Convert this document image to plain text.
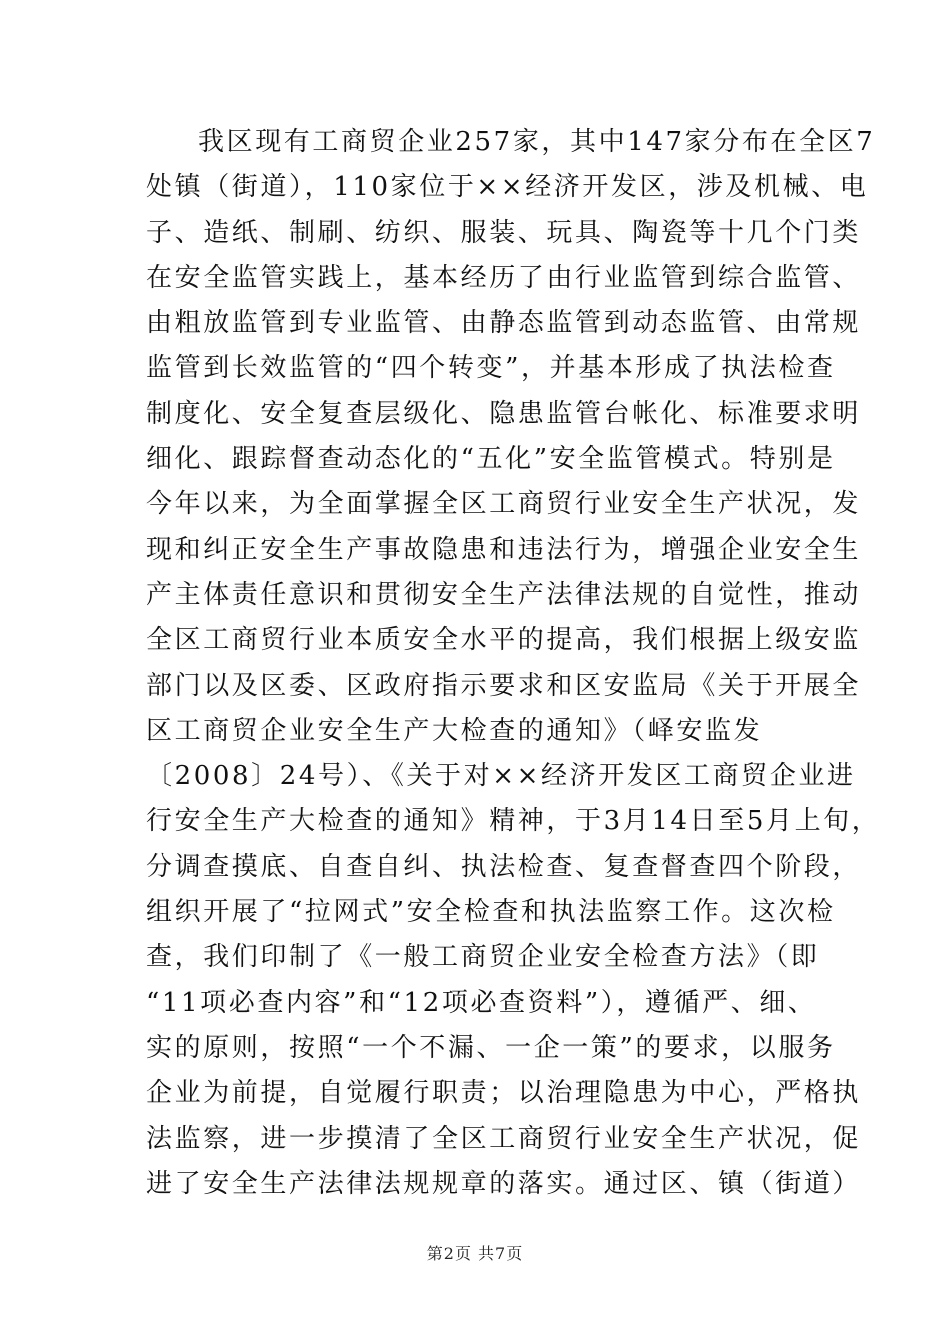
我区现有工商贸企业257家，其中147家分布在全区7
处镇（街道），110家位于××经济开发区，涉及机械、电
子、造纸、制刷、纺织、服装、玩具、陶瓷等十几个门类
在安全监管实践上，基本经历了由行业监管到综合监管、
由粗放监管到专业监管、由静态监管到动态监管、由常规
监管到长效监管的“四个转变”，并基本形成了执法检查
制度化、安全复查层级化、隐患监管台帐化、标准要求明
细化、跟踪督查动态化的“五化”安全监管模式。特别是
今年以来，为全面掌握全区工商贸行业安全生产状况，发
现和纠正安全生产事故隐患和违法行为，增强企业安全生
产主体责任意识和贯彻安全生产法律法规的自觉性，推动
全区工商贸行业本质安全水平的提高，我们根据上级安监
部门以及区委、区政府指示要求和区安监局《关于开展全
区工商贸企业安全生产大检查的通知》（峄安监发
〔2008〕24号）、《关于对××经济开发区工商贸企业进
行安全生产大检查的通知》精神，于3月14日至5月上旬，
分调查摸底、自查自纠、执法检查、复查督查四个阶段，
组织开展了“拉网式”安全检查和执法监察工作。这次检
查，我们印制了《一般工商贸企业安全检查方法》（即
“11项必查内容”和“12项必查资料”），遵循严、细、
实的原则，按照“一个不漏、一企一策”的要求，以服务
企业为前提，自觉履行职责；以治理隐患为中心，严格执
法监察，进一步摸清了全区工商贸行业安全生产状况，促
进了安全生产法律法规规章的落实。通过区、镇（街道）
第2页 共7页
